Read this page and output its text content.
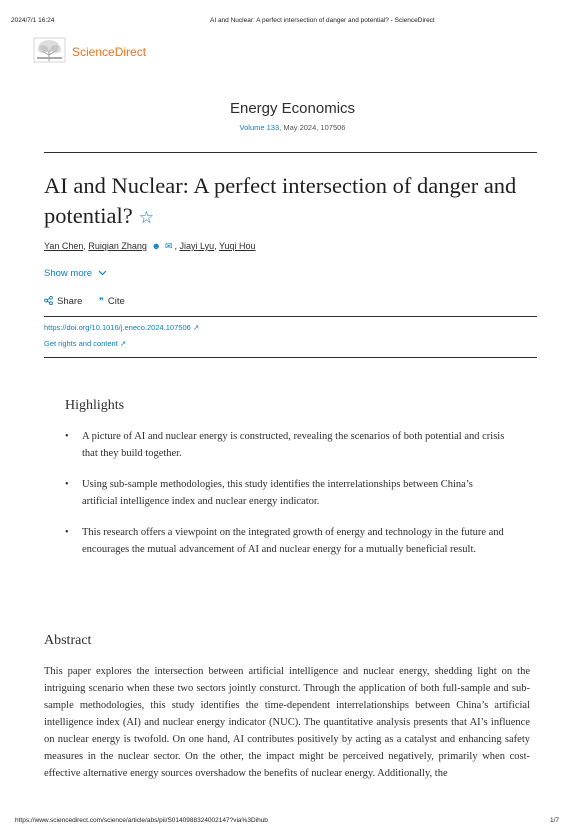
2024/7/1 16:24	AI and Nuclear: A perfect intersection of danger and potential? - ScienceDirect
ScienceDirect
Energy Economics
Volume 133, May 2024, 107506
AI and Nuclear: A perfect intersection of danger and potential? ☆
Yan Chen, Ruiqian Zhang ☻ ✉ , Jiayi Lyu, Yuqi Hou
Show more
Share ❞ Cite
https://doi.org/10.1016/j.eneco.2024.107506 ↗
Get rights and content ↗
Highlights
• A picture of AI and nuclear energy is constructed, revealing the scenarios of both potential and crisis that they build together.
• Using sub-sample methodologies, this study identifies the interrelationships between China’s artificial intelligence index and nuclear energy indicator.
• This research offers a viewpoint on the integrated growth of energy and technology in the future and encourages the mutual advancement of AI and nuclear energy for a mutually beneficial result.
Abstract

This paper explores the intersection between artificial intelligence and nuclear energy, shedding light on the intriguing scenario when these two sectors jointly consturct. Through the application of both full-sample and sub-sample methodologies, this study identifies the time-dependent interrelationships between China’s artificial intelligence index (AI) and nuclear energy indicator (NUC). The quantitative analysis presents that AI’s influence on nuclear energy is twofold. On one hand, AI contributes positively by acting as a catalyst and enhancing safety measures in the nuclear sector. On the other, the impact might be perceived negatively, primarily when cost-effective alternative energy sources overshadow the benefits of nuclear energy. Additionally, the

https://www.sciencedirect.com/science/article/abs/pii/S0140988324002147?via%3Dihub	1/7
